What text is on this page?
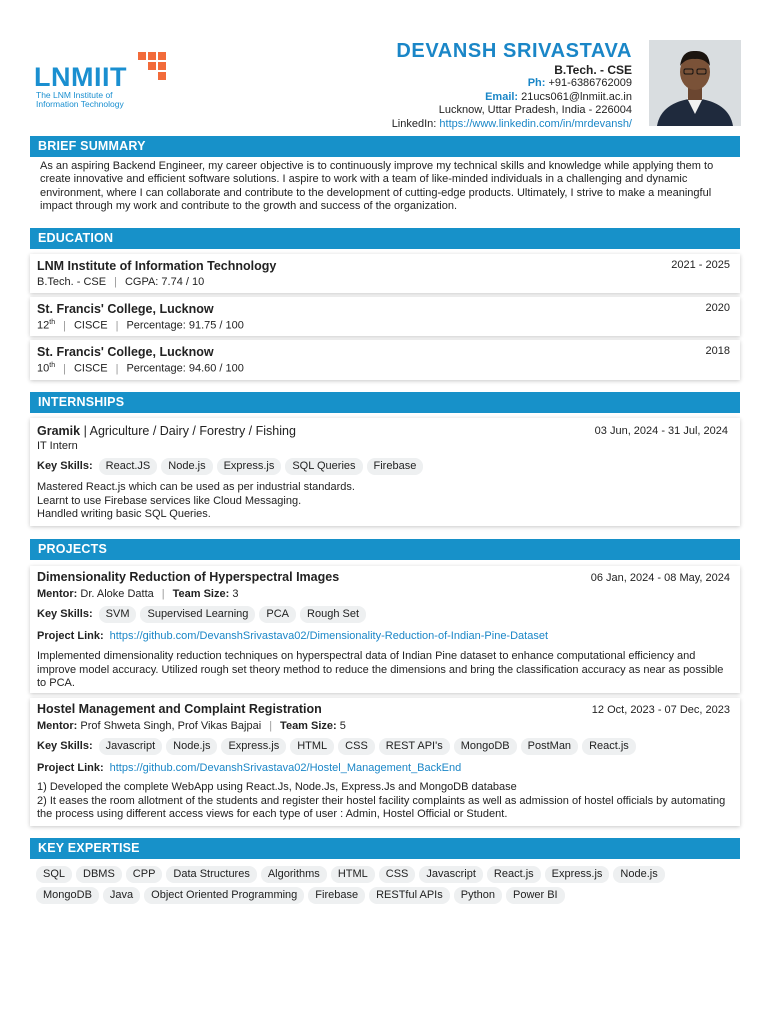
LNMIIT
The LNM Institute of Information Technology
DEVANSH SRIVASTAVA
B.Tech. - CSE
Ph: +91-6386762009
Email: 21ucs061@lnmiit.ac.in
Lucknow, Uttar Pradesh, India - 226004
LinkedIn: https://www.linkedin.com/in/mrdevansh/
BRIEF SUMMARY
As an aspiring Backend Engineer, my career objective is to continuously improve my technical skills and knowledge while applying them to create innovative and efficient software solutions. I aspire to work with a team of like-minded individuals in a challenging and dynamic environment, where I can collaborate and contribute to the development of cutting-edge products. Ultimately, I strive to make a meaningful impact through my work and contribute to the growth and success of the organization.
EDUCATION
LNM Institute of Information Technology	2021 - 2025
B.Tech. - CSE | CGPA: 7.74 / 10
St. Francis' College, Lucknow	2020
12th | CISCE | Percentage: 91.75 / 100
St. Francis' College, Lucknow	2018
10th | CISCE | Percentage: 94.60 / 100
INTERNSHIPS
Gramik | Agriculture / Dairy / Forestry / Fishing	03 Jun, 2024 - 31 Jul, 2024
IT Intern
Key Skills: React.JS Node.js Express.js SQL Queries Firebase
Mastered React.js which can be used as per industrial standards.
Learnt to use Firebase services like Cloud Messaging.
Handled writing basic SQL Queries.
PROJECTS
Dimensionality Reduction of Hyperspectral Images	06 Jan, 2024 - 08 May, 2024
Mentor: Dr. Aloke Datta | Team Size: 3
Key Skills: SVM Supervised Learning PCA Rough Set
Project Link: https://github.com/DevanshSrivastava02/Dimensionality-Reduction-of-Indian-Pine-Dataset
Implemented dimensionality reduction techniques on hyperspectral data of Indian Pine dataset to enhance computational efficiency and improve model accuracy. Utilized rough set theory method to reduce the dimensions and bring the classification accuracy as near as possible to PCA.
Hostel Management and Complaint Registration	12 Oct, 2023 - 07 Dec, 2023
Mentor: Prof Shweta Singh, Prof Vikas Bajpai | Team Size: 5
Key Skills: Javascript Node.js Express.js HTML CSS REST API's MongoDB PostMan React.js
Project Link: https://github.com/DevanshSrivastava02/Hostel_Management_BackEnd
1) Developed the complete WebApp using React.Js, Node.Js, Express.Js and MongoDB database
2) It eases the room allotment of the students and register their hostel facility complaints as well as admission of hostel officials by automating the process using different access views for each type of user : Admin, Hostel Official or Student.
KEY EXPERTISE
SQL DBMS CPP Data Structures Algorithms HTML CSS Javascript React.js Express.js Node.js
MongoDB Java Object Oriented Programming Firebase RESTful APIs Python Power BI
